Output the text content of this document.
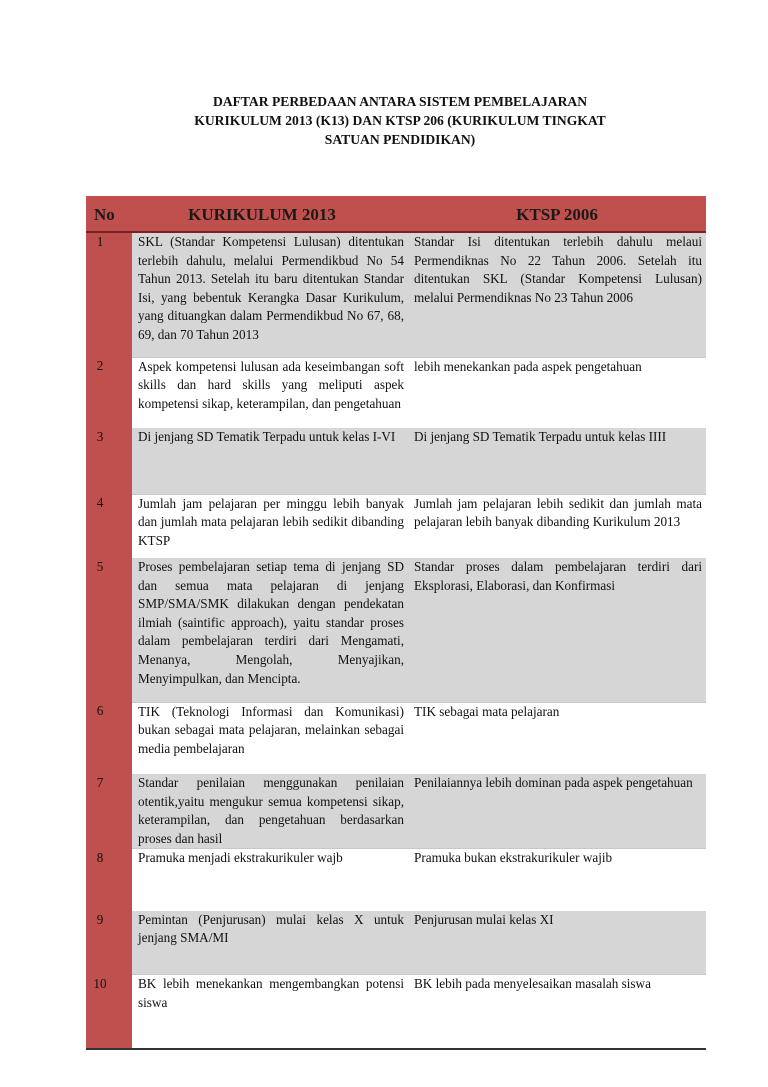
DAFTAR PERBEDAAN ANTARA SISTEM PEMBELAJARAN
KURIKULUM 2013 (K13) DAN KTSP 206 (KURIKULUM TINGKAT
SATUAN PENDIDIKAN)
No	KURIKULUM 2013	KTSP 2006
1	SKL (Standar Kompetensi Lulusan) ditentukan terlebih dahulu, melalui Permendikbud No 54 Tahun 2013. Setelah itu baru ditentukan Standar Isi, yang bebentuk Kerangka Dasar Kurikulum, yang dituangkan dalam Permendikbud No 67, 68, 69, dan 70 Tahun 2013	Standar Isi ditentukan terlebih dahulu melaui Permendiknas No 22 Tahun 2006. Setelah itu ditentukan SKL (Standar Kompetensi Lulusan) melalui Permendiknas No 23 Tahun 2006
2	Aspek kompetensi lulusan ada keseimbangan soft skills dan hard skills yang meliputi aspek kompetensi sikap, keterampilan, dan pengetahuan	lebih menekankan pada aspek pengetahuan
3	Di jenjang SD Tematik Terpadu untuk kelas I-VI	Di jenjang SD Tematik Terpadu untuk kelas IIII
4	Jumlah jam pelajaran per minggu lebih banyak dan jumlah mata pelajaran lebih sedikit dibanding KTSP	Jumlah jam pelajaran lebih sedikit dan jumlah mata pelajaran lebih banyak dibanding Kurikulum 2013
5	Proses pembelajaran setiap tema di jenjang SD dan semua mata pelajaran di jenjang SMP/SMA/SMK dilakukan dengan pendekatan ilmiah (saintific approach), yaitu standar proses dalam pembelajaran terdiri dari Mengamati, Menanya, Mengolah, Menyajikan, Menyimpulkan, dan Mencipta.	Standar proses dalam pembelajaran terdiri dari Eksplorasi, Elaborasi, dan Konfirmasi
6	TIK (Teknologi Informasi dan Komunikasi) bukan sebagai mata pelajaran, melainkan sebagai media pembelajaran	TIK sebagai mata pelajaran
7	Standar penilaian menggunakan penilaian otentik,yaitu mengukur semua kompetensi sikap, keterampilan, dan pengetahuan berdasarkan proses dan hasil	Penilaiannya lebih dominan pada aspek pengetahuan
8	Pramuka menjadi ekstrakurikuler wajb	Pramuka bukan ekstrakurikuler wajib
9	Pemintan (Penjurusan) mulai kelas X untuk jenjang SMA/MI	Penjurusan mulai kelas XI
10	BK lebih menekankan mengembangkan potensi siswa	BK lebih pada menyelesaikan masalah siswa
